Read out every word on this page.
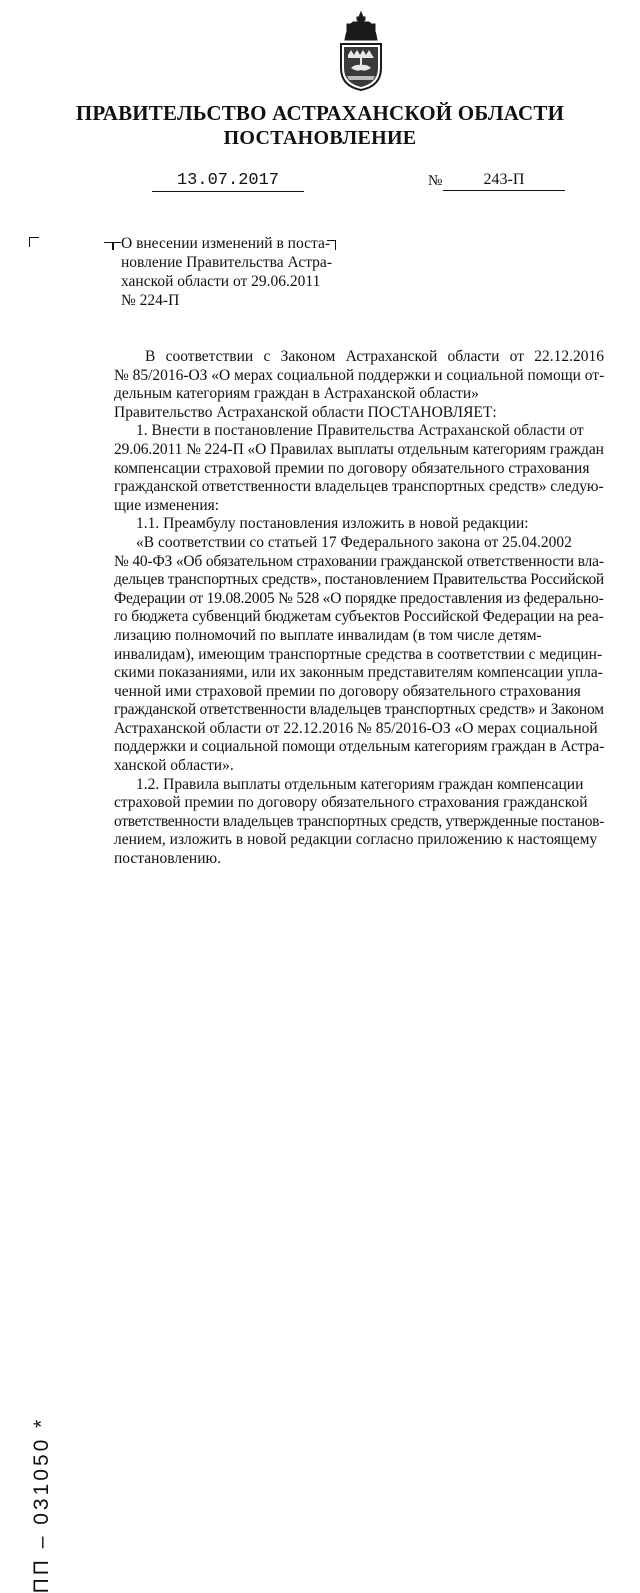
ПРАВИТЕЛЬСТВО АСТРАХАНСКОЙ ОБЛАСТИ
ПОСТАНОВЛЕНИЕ
13.07.2017	№	243-П
О внесении изменений в поста-
новление Правительства Астра-
ханской области от 29.06.2011
№ 224-П
В соответствии с Законом Астраханской области от 22.12.2016
№ 85/2016-ОЗ «О мерах социальной поддержки и социальной помощи от-
дельным категориям граждан в Астраханской области»
Правительство Астраханской области ПОСТАНОВЛЯЕТ:
1. Внести в постановление Правительства Астраханской области от
29.06.2011 № 224-П «О Правилах выплаты отдельным категориям граждан
компенсации страховой премии по договору обязательного страхования
гражданской ответственности владельцев транспортных средств» следую-
щие изменения:
1.1. Преамбулу постановления изложить в новой редакции:
«В соответствии со статьей 17 Федерального закона от 25.04.2002
№ 40-ФЗ «Об обязательном страховании гражданской ответственности вла-
дельцев транспортных средств», постановлением Правительства Российской
Федерации от 19.08.2005 № 528 «О порядке предоставления из федерально-
го бюджета субвенций бюджетам субъектов Российской Федерации на реа-
лизацию полномочий по выплате инвалидам (в том числе детям-
инвалидам), имеющим транспортные средства в соответствии с медицин-
скими показаниями, или их законным представителям компенсации упла-
ченной ими страховой премии по договору обязательного страхования
гражданской ответственности владельцев транспортных средств» и Законом
Астраханской области от 22.12.2016 № 85/2016-ОЗ «О мерах социальной
поддержки и социальной помощи отдельным категориям граждан в Астра-
ханской области».
1.2. Правила выплаты отдельным категориям граждан компенсации
страховой премии по договору обязательного страхования гражданской
ответственности владельцев транспортных средств, утвержденные постанов-
лением, изложить в новой редакции согласно приложению к настоящему
постановлению.
ПП – 031050 *
